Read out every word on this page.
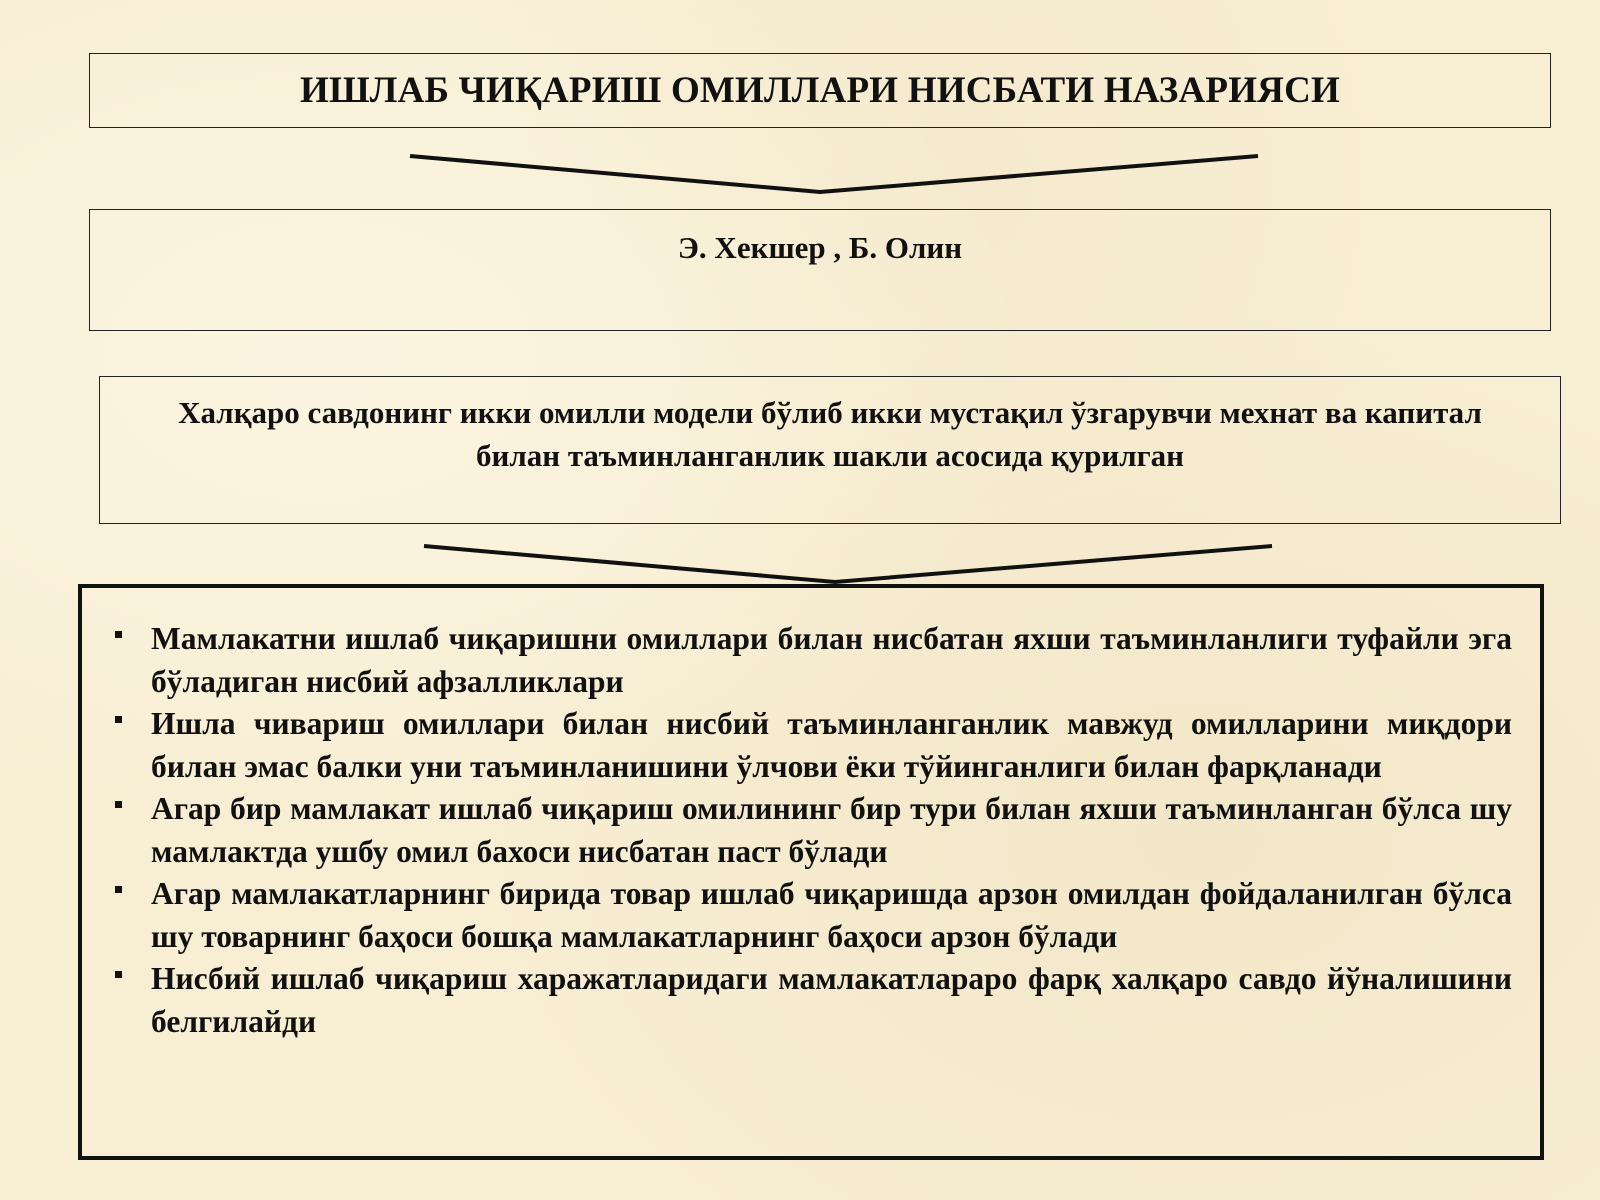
ИШЛАБ ЧИҚАРИШ ОМИЛЛАРИ НИСБАТИ НАЗАРИЯСИ
Э. Хекшер , Б. Олин
Халқаро савдонинг икки омилли модели бўлиб икки мустақил ўзгарувчи мехнат ва капитал билан таъминланганлик шакли асосида қурилган
Мамлакатни ишлаб чиқаришни омиллари билан нисбатан яхши таъминланлиги туфайли эга бўладиган нисбий афзалликлари
Ишла чивариш омиллари билан нисбий таъминланганлик мавжуд омилларини миқдори билан эмас балки уни таъминланишини ўлчови ёки тўйинганлиги билан фарқланади
Агар бир мамлакат ишлаб чиқариш омилининг бир тури билан яхши таъминланган бўлса шу мамлактда ушбу омил бахоси нисбатан паст бўлади
Агар мамлакатларнинг бирида товар ишлаб чиқаришда арзон омилдан фойдаланилган бўлса шу товарнинг баҳоси бошқа мамлакатларнинг баҳоси арзон бўлади
Нисбий ишлаб чиқариш харажатларидаги мамлакатлараро фарқ халқаро савдо йўналишини белгилайди
